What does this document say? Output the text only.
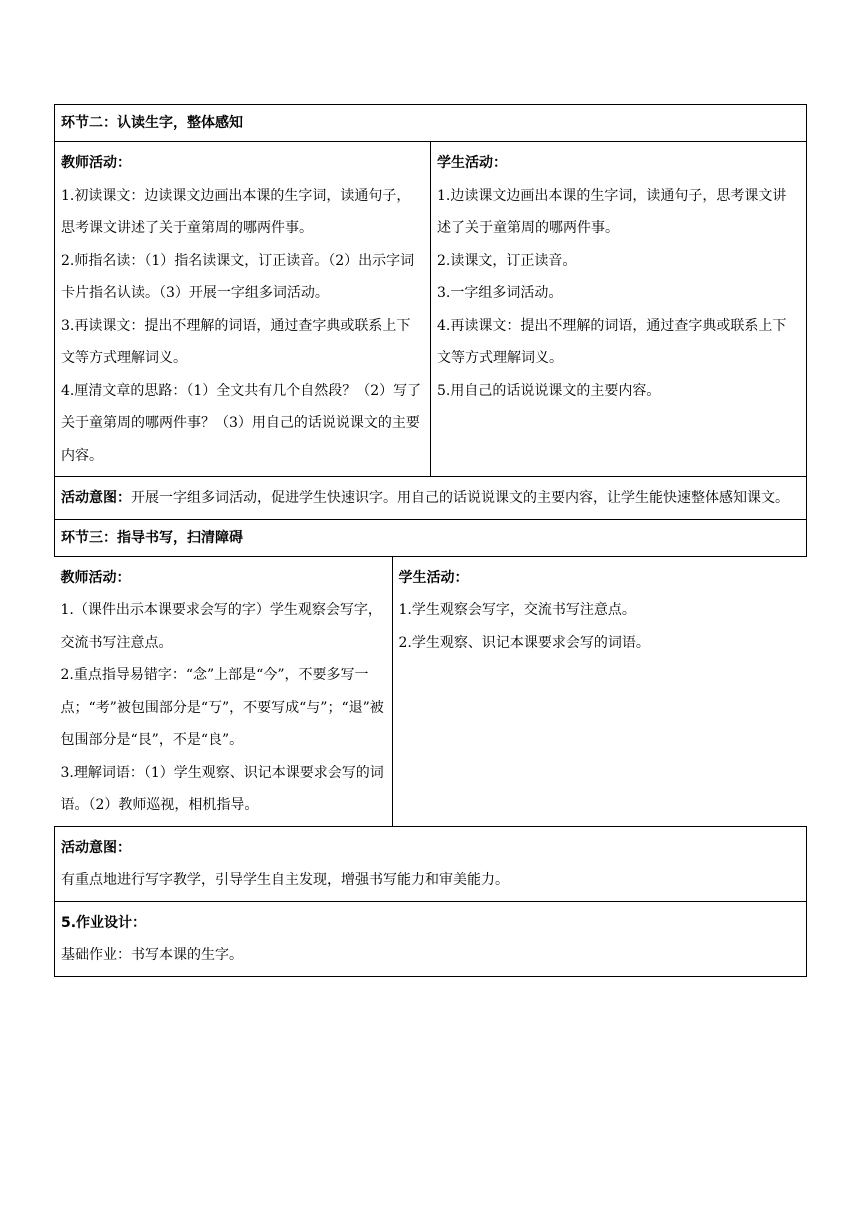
环节二：认读生字，整体感知

教师活动：
1.初读课文：边读课文边画出本课的生字词，读通句子，思考课文讲述了关于童第周的哪两件事。
2.师指名读：（1）指名读课文，订正读音。（2）出示字词卡片指名认读。（3）开展一字组多词活动。
3.再读课文：提出不理解的词语，通过查字典或联系上下文等方式理解词义。
4.厘清文章的思路：（1）全文共有几个自然段？（2）写了关于童第周的哪两件事？（3）用自己的话说说课文的主要内容。

学生活动：
1.边读课文边画出本课的生字词，读通句子，思考课文讲述了关于童第周的哪两件事。
2.读课文，订正读音。
3.一字组多词活动。
4.再读课文：提出不理解的词语，通过查字典或联系上下文等方式理解词义。
5.用自己的话说说课文的主要内容。

活动意图：开展一字组多词活动，促进学生快速识字。用自己的话说说课文的主要内容，让学生能快速整体感知课文。
环节三：指导书写，扫清障碍

教师活动：
1.（课件出示本课要求会写的字）学生观察会写字，交流书写注意点。
2.重点指导易错字：“念”上部是“今”，不要多写一点；“考”被包围部分是“丂”，不要写成“与”；“退”被包围部分是“艮”，不是“良”。
3.理解词语：（1）学生观察、识记本课要求会写的词语。（2）教师巡视，相机指导。

学生活动：
1.学生观察会写字，交流书写注意点。
2.学生观察、识记本课要求会写的词语。

活动意图：
有重点地进行写字教学，引导学生自主发现，增强书写能力和审美能力。

5.作业设计：
基础作业：书写本课的生字。
